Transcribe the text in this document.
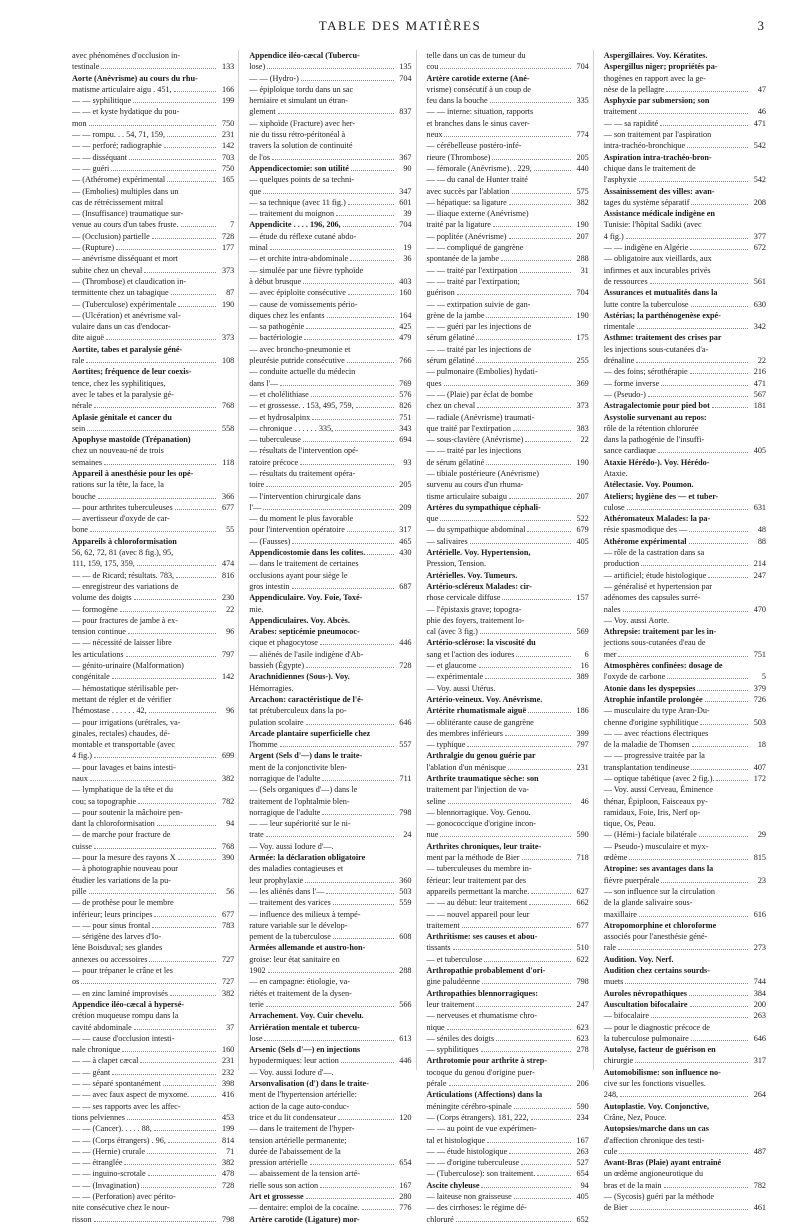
TABLE DES MATIÈRES	3
avec phénomènes d'occlusion in-
testinale	133
Aorte (Anévrisme) au cours du rhu-
matisme articulaire aigu . 451,	166
— — syphilitique	199
— — et kyste hydatique du pou-
mon	750
— — rompu. . . 54, 71, 159,	231
— — perforé; radiographie	142
— — disséquant	703
— — guéri	750
— (Athérome) expérimental	165
— (Embolies) multiples dans un
cas de rétrécissement mitral
— (Insuffisance) traumatique sur-
venue au cours d'un tabes fruste.	7
— (Occlusion) partielle	728
— (Rupture)	177
— anévrisme disséquant et mort
subite chez un cheval	373
— (Thrombose) et claudication in-
termittente chez un tabagique	87
— (Tuberculose) expérimentale	190
— (Ulcération) et anévrisme val-
vulaire dans un cas d'endocar-
dite aiguë	373
Aortite, tabes et paralysie géné-
rale	108
Aortites; fréquence de leur coexis-
tence, chez les syphilitiques,
avec le tabes et la paralysie gé-
nérale	768
Aplasie génitale et cancer du
sein	558
Apophyse mastoïde (Trépanation)
chez un nouveau-né de trois
semaines	118
Appareil à anesthésie pour les opé-
rations sur la tête, la face, la
bouche	366
— pour arthrites tuberculeuses	677
— avertisseur d'oxyde de car-
bone	55
Appareils à chloroformisation
56, 62, 72, 81 (avec 8 fig.), 95,
111, 159, 175, 359,	474
— — de Ricard; résultats. 783,	816
— enregistreur des variations de
volume des doigts	230
— formogène	22
— pour fractures de jambe à ex-
tension continue	96
— — nécessité de laisser libre
les articulations	797
— génito-urinaire (Malformation)
congénitale	142
— hémostatique stérilisable per-
mettant de régler et de vérifier
l'hémostase . . . . . . 42,	96
— pour irrigations (urétrales, va-
ginales, rectales) chaudes, dé-
montable et transportable (avec
4 fig.)	699
— pour lavages et bains intesti-
naux	382
— lymphatique de la tête et du
cou; sa topographie	782
— pour soutenir la mâchoire pen-
dant la chloroformisation	94
— de marche pour fracture de
cuisse	768
— pour la mesure des rayons X	390
— à photographie nouveau pour
étudier les variations de la pu-
pille	56
— de prothèse pour le membre
inférieur; leurs principes	677
— — pour sinus frontal	783
— sérigène des larves d'Io-
lène Boisduval; ses glandes
annexes ou accessoires	727
— pour trépaner le crâne et les
os	727
— en zinc laminé improvisés	382
Appendice iléo-cæcal à hypersé-
crétion muqueuse rompu dans la
cavité abdominale	37
— — cause d'occlusion intesti-
nale chronique	160
— — à clapet cæcal	231
— — géant	232
— — séparé spontanément	398
— — avec faux aspect de myxome.	416
— — ses rapports avec les affec-
tions pelviennes	453
— — (Cancer). . . . . 88,	199
— — (Corps étrangers) . 96,	814
— — (Hernie) crurale	71
— — étranglée	382
— — inguino-scrotale	478
— — (Invagination)	728
— — (Perforation) avec périto-
nite consécutive chez le nour-
risson	798
Appendice iléo-cæcal (Tubercu-
lose)	135
— — (Hydro-)	704
— épiploïque tordu dans un sac
herniaire et simulant un étran-
glement	837
— xiphoïde (Fracture) avec her-
nie du tissu rétro-péritonéal à
travers la solution de continuité
de l'os	367
Appendicectomie: son utilité	90
— quelques points de sa techni-
que	347
— sa technique (avec 11 fig.)	601
— traitement du moignon	39
Appendicite . . . . 196, 206,	704
— étude du réflexe cutané abdo-
minal	19
— et orchite intra-abdominale	36
— simulée par une fièvre typhoïde
à début brusque	403
— avec épiploïte consécutive	160
— cause de vomissements pério-
diques chez les enfants	164
— sa pathogénie	425
— bactériologie	479
— avec broncho-pneumonie et
pleurésie putride consécutive	766
— conduite actuelle du médecin
dans l'—	769
— et cholélithiase	576
— et grossesse. . 153, 495, 759,	826
— et hydrosalpinx	751
— chronique . . . . . . 335,	343
— tuberculeuse	694
— résultats de l'intervention opé-
ratoire précoce	93
— résultats du traitement opéra-
toire	205
— l'intervention chirurgicale dans
l'—	209
— du moment le plus favorable
pour l'intervention opératoire	317
— (Fausses)	465
Appendicostomie dans les colites.	430
— dans le traitement de certaines
occlusions ayant pour siège le
gros intestin	687
Appendiculaire. Voy. Foie, Toxé-
mie.
Appendiculaires. Voy. Abcès.
Arabes: septicémie pneumococ-
cique et phagocytose	446
— aliénés de l'asile indigène d'Ab-
bassieh (Égypte)	728
Arachnidiennes (Sous-). Voy.
Hémorragies.
Arcachon: caractéristique de l'é-
tat prétuberculeux dans la po-
pulation scolaire	646
Arcade plantaire superficielle chez
l'homme	557
Argent (Sels d'—) dans le traite-
ment de la conjonctivite blen-
norragique de l'adulte	711
— (Sels organiques d'—) dans le
traitement de l'ophtalmie blen-
norragique de l'adulte	798
— — leur supériorité sur le ni-
trate	24
— Voy. aussi Iodure d'—.
Armée: la déclaration obligatoire
des maladies contagieuses et
leur prophylaxie	360
— les aliénés dans l'—	503
— traitement des varices	559
— influence des milieux à tempé-
rature variable sur le dévelop-
pement de la tuberculose	608
Armées allemande et austro-hon-
groise: leur état sanitaire en
1902	288
— en campagne: étiologie, va-
riétés et traitement de la dysen-
terie	566
Arrachement. Voy. Cuir chevelu.
Arriération mentale et tubercu-
lose	613
Arsenic (Sels d'—) en injections
hypodermiques: leur action	446
— Voy. aussi Iodure d'—.
Arsonvalisation (d') dans le traite-
ment de l'hypertension artérielle:
action de la cage auto-conduc-
trice et du lit condensateur	120
— dans le traitement de l'hyper-
tension artérielle permanente;
durée de l'abaissement de la
pression artérielle	654
— abaissement de la tension arté-
rielle sous son action	167
Art et grossesse	280
— dentaire: emploi de la cocaïne.	776
Artère carotide (Ligature) mor-
telle dans un cas de tumeur du
cou	704
Artère carotide externe (Ané-
vrisme) consécutif à un coup de
feu dans la bouche	335
— — interne: situation, rapports
et branches dans le sinus caver-
neux	774
— cérébelleuse postéro-infé-
rieure (Thrombose)	205
— fémorale (Anévrisme). . 229,	440
— — du canal de Hunter traité
avec succès par l'ablation	575
— hépatique: sa ligature	382
— iliaque externe (Anévrisme)
traité par la ligature	190
— poplitée (Anévrisme)	207
— — compliqué de gangrène
spontanée de la jambe	288
— — traité par l'extirpation	31
— — traité par l'extirpation;
guérison	704
— — extirpation suivie de gan-
grène de la jambe	190
— — guéri par les injections de
sérum gélatiné	175
— — traité par les injections de
sérum gélatiné	255
— pulmonaire (Embolies) hydati-
ques	369
— — (Plaie) par éclat de bombe
chez un cheval	373
— radiale (Anévrisme) traumati-
que traité par l'extirpation	383
— sous-clavière (Anévrisme)	22
— — traité par les injections
de sérum gélatiné	190
— tibiale postérieure (Anévrisme)
survenu au cours d'un rhuma-
tisme articulaire subaigu	207
Artères du sympathique céphali-
que	522
— du sympathique abdominal	679
— salivaires	405
Artérielle. Voy. Hypertension,
Pression, Tension.
Artérielles. Voy. Tumeurs.
Artério-scléreux Malades: cir-
rhose cervicale diffuse	157
— l'épistaxis grave; topogra-
phie des foyers, traitement lo-
cal (avec 3 fig.)	569
Artério-sclérose: la viscosité du
sang et l'action des iodures	6
— et glaucome	16
— expérimentale	389
— Voy. aussi Utérus.
Artério-veineux. Voy. Anévrisme.
Artérite rhumatismale aiguë	186
— oblitérante cause de gangrène
des membres inférieurs	399
— typhique	797
Arthralgie du genou guérie par
l'ablation d'un ménisque	231
Arthrite traumatique sèche: son
traitement par l'injection de va-
seline	46
— blennorragique. Voy. Genou.
— gonococcique d'origine incon-
nue	590
Arthrites chroniques, leur traite-
ment par la méthode de Bier	718
— tuberculeuses du membre in-
férieur: leur traitement par des
appareils permettant la marche.	627
— — au début: leur traitement	662
— — nouvel appareil pour leur
traitement	677
Arthritisme: ses causes et abou-
tissants	510
— et tuberculose	622
Arthropathie probablement d'ori-
gine paludéenne	798
Arthropathies blennorragiques:
leur traitement	247
— nerveuses et rhumatisme chro-
nique	623
— séniles des doigts	623
— syphilitiques	278
Arthrotomie pour arthrite à strep-
tocoque du genou d'origine puer-
pérale	206
Articulations (Affections) dans la
méningite cérébro-spinale	590
— (Corps étrangers). 181, 222,	234
— — au point de vue expérimen-
tal et histologique	167
— — étude histologique	263
— — d'origine tuberculeuse	527
— (Tuberculose): son traitement.	654
Ascite chyleuse	94
— laiteuse non graisseuse	405
— des cirrhoses: le régime dé-
chloruré	652
Aspergillaires. Voy. Kératites.
Aspergillus niger; propriétés pa-
thogènes en rapport avec la ge-
nèse de la pellagre	47
Asphyxie par submersion; son
traitement	46
— — sa rapidité	471
— son traitement par l'aspiration
intra-trachéo-bronchique	542
Aspiration intra-trachéo-bron-
chique dans le traitement de
l'asphyxie	542
Assainissement des villes: avan-
tages du système séparatif	208
Assistance médicale indigène en
Tunisie: l'hôpital Sadiki (avec
4 fig.)	377
— — indigène en Algérie	672
— obligatoire aux vieillards, aux
infirmes et aux incurables privés
de ressources	561
Assurances et mutualités dans la
lutte contre la tuberculose	630
Astérias; la parthénogenèse expé-
rimentale	342
Asthme: traitement des crises par
les injections sous-cutanées d'a-
drénaline	22
— des foins; sérothérapie	216
— forme inverse	471
— (Pseudo-)	567
Astragalectomie pour pied bot	181
Asystolie survenant au repos:
rôle de la rétention chlorurée
dans la pathogénie de l'insuffi-
sance cardiaque	405
Ataxie Hérédo-). Voy. Hérédo-
Ataxie.
Atélectasie. Voy. Poumon.
Ateliers; hygiène des — et tuber-
culose	631
Athéromateux Malades: la pa-
résie spasmodique des —	48
Athérome expérimental	88
— rôle de la castration dans sa
production	214
— artificiel; étude histologique	247
— généralisé et hypertension par
adénomes des capsules surré-
nales	470
— Voy. aussi Aorte.
Athrepsie: traitement par les in-
jections sous-cutanées d'eau de
mer	751
Atmosphères confinées: dosage de
l'oxyde de carbone	5
Atonie dans les dyspepsies	379
Atrophie infantile prolongée	726
— musculaire du type Aran-Du-
chenne d'origine syphilitique	503
— — avec réactions électriques
de la maladie de Thomsen	18
— — progressive traitée par la
transplantation tendineuse	407
— optique tabétique (avec 2 fig.).	172
— Voy. aussi Cerveau, Éminence
thénar, Épiploon, Faisceaux py-
ramidaux, Foie, Iris, Nerf op-
tique, Os, Peau.
— (Hémi-) faciale bilatérale	29
— Pseudo-) musculaire et myx-
œdème	815
Atropine: ses avantages dans la
fièvre puerpérale	23
— son influence sur la circulation
de la glande salivaire sous-
maxillaire	616
Atropomorphine et chloroforme
associés pour l'anesthésie géné-
rale	273
Audition. Voy. Nerf.
Audition chez certains sourds-
muets	744
Auroles névropathiques	384
Auscultation bifocalaire	200
— bifocalaire	263
— pour le diagnostic précoce de
la tuberculose pulmonaire	646
Autolyse, facteur de guérison en
chirurgie	317
Automobilisme: son influence no-
cive sur les fonctions visuelles.
248,	264
Autoplastie. Voy. Conjonctive,
Crâne, Nez, Pouce.
Autopsies/marche dans un cas
d'affection chronique des testi-
cule	487
Avant-Bras (Plaie) ayant entraîné
un œdème angioneurotique du
bras et de la main	782
— (Sycosis) guéri par la méthode
de Bier	461
